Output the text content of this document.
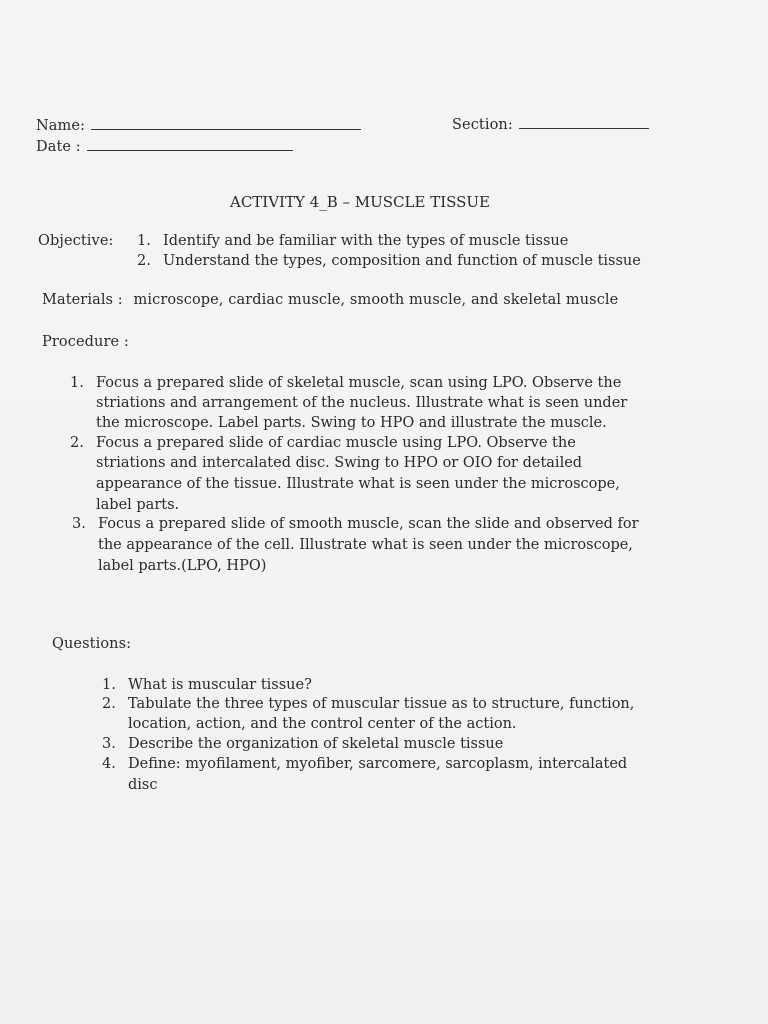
Name:
Date :
Section:
ACTIVITY 4_B – MUSCLE TISSUE
Objective: 1. Identify and be familiar with the types of muscle tissue
2. Understand the types, composition and function of muscle tissue
Materials : microscope, cardiac muscle, smooth muscle, and skeletal muscle
Procedure :
1. Focus a prepared slide of skeletal muscle, scan using LPO. Observe the
striations and arrangement of the nucleus. Illustrate what is seen under
the microscope. Label parts. Swing to HPO and illustrate the muscle.
2. Focus a prepared slide of cardiac muscle using LPO. Observe the
striations and intercalated disc. Swing to HPO or OIO for detailed
appearance of the tissue. Illustrate what is seen under the microscope,
label parts.
3. Focus a prepared slide of smooth muscle, scan the slide and observed for
the appearance of the cell. Illustrate what is seen under the microscope,
label parts.(LPO, HPO)
Questions:
1. What is muscular tissue?
2. Tabulate the three types of muscular tissue as to structure, function,
location, action, and the control center of the action.
3. Describe the organization of skeletal muscle tissue
4. Define: myofilament, myofiber, sarcomere, sarcoplasm, intercalated
disc
